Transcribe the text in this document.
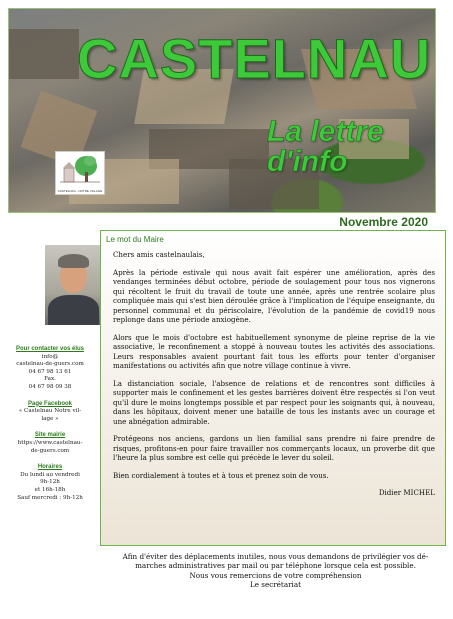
CASTELNAU
La lettre d'info
CASTELNAU - NOTRE VILLAGE
Novembre 2020
Le mot du Maire

Chers amis castelnaulais,

Après la période estivale qui nous avait fait espérer une amélioration, après des vendanges terminées début octobre, période de soulagement pour tous nos vignerons qui récoltent le fruit du travail de toute une année, après une rentrée scolaire plus compliquée mais qui s'est bien déroulée grâce à l'implication de l'équipe enseignante, du personnel communal et du périscolaire, l'évolution de la pandémie de covid19 nous replonge dans une période anxiogène.

Alors que le mois d'octobre est habituellement synonyme de pleine reprise de la vie associative, le reconfinement a stoppé à nouveau toutes les activités des associations. Leurs responsables avaient pourtant fait tous les efforts pour tenter d'organiser manifestations ou activités afin que notre village continue à vivre.

La distanciation sociale, l'absence de relations et de rencontres sont difficiles à supporter mais le confinement et les gestes barrières doivent être respectés si l'on veut qu'il dure le moins longtemps possible et par respect pour les soignants qui, à nouveau, dans les hôpitaux, doivent mener une bataille de tous les instants avec un courage et une abnégation admirable.

Protégeons nos anciens, gardons un lien familial sans prendre ni faire prendre de risques, profitons-en pour faire travailler nos commerçants locaux, un proverbe dit que l'heure la plus sombre est celle qui précède le lever du soleil.

Bien cordialement à toutes et à tous et prenez soin de vous.

Didier MICHEL

Pour contacter vos élus
info@
castelnau-de-guers.com
04 67 98 13 61
Fax.
04 67 98 09 38
Page Facebook
« Castelnau Notre vil-
lage »
Site mairie
https://www.castelnau-
de-guers.com
Horaires
Du lundi au vendredi
9h-12h
et 16h-18h
Sauf mercredi : 9h-12h
Afin d'éviter des déplacements inutiles, nous vous demandons de privilégier vos dé-
marches administratives par mail ou par téléphone lorsque cela est possible.
Nous vous remercions de votre compréhension
Le secrétariat
